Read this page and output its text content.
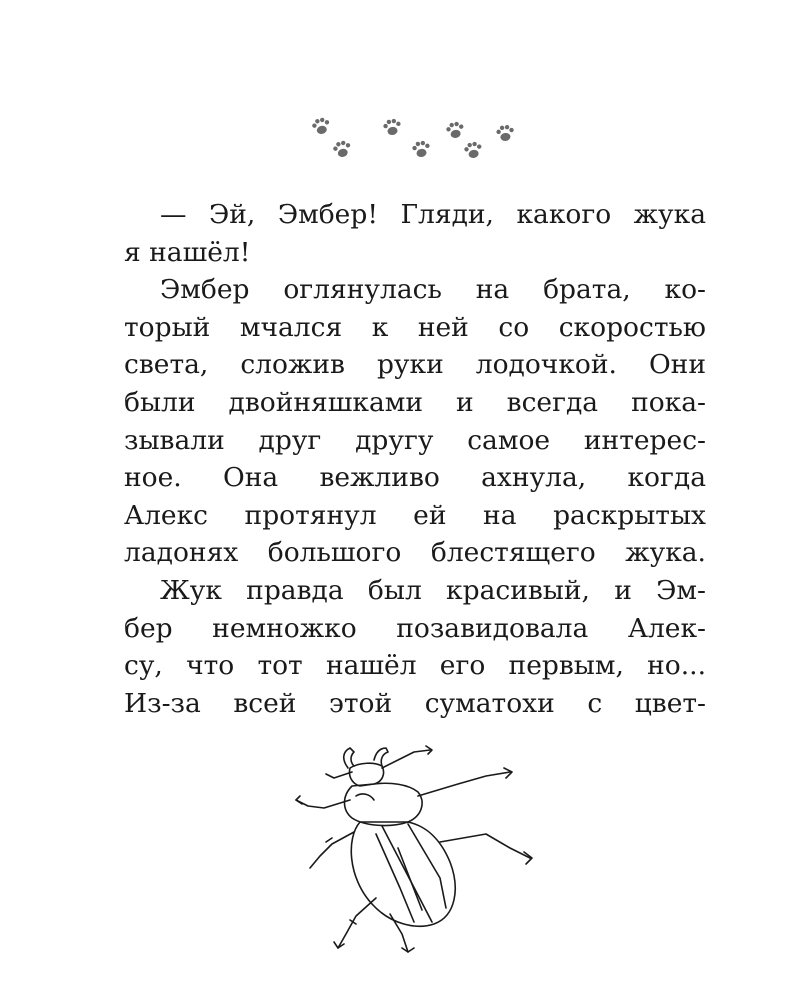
— Эй, Эмбер! Гляди, какого жука
я нашёл!
Эмбер оглянулась на брата, ко-
торый мчался к ней со скоростью
света, сложив руки лодочкой. Они
были двойняшками и всегда пока-
зывали друг другу самое интерес-
ное. Она вежливо ахнула, когда
Алекс протянул ей на раскрытых
ладонях большого блестящего жука.
Жук правда был красивый, и Эм-
бер немножко позавидовала Алек-
су, что тот нашёл его первым, но...
Из-за всей этой суматохи с цвет-
